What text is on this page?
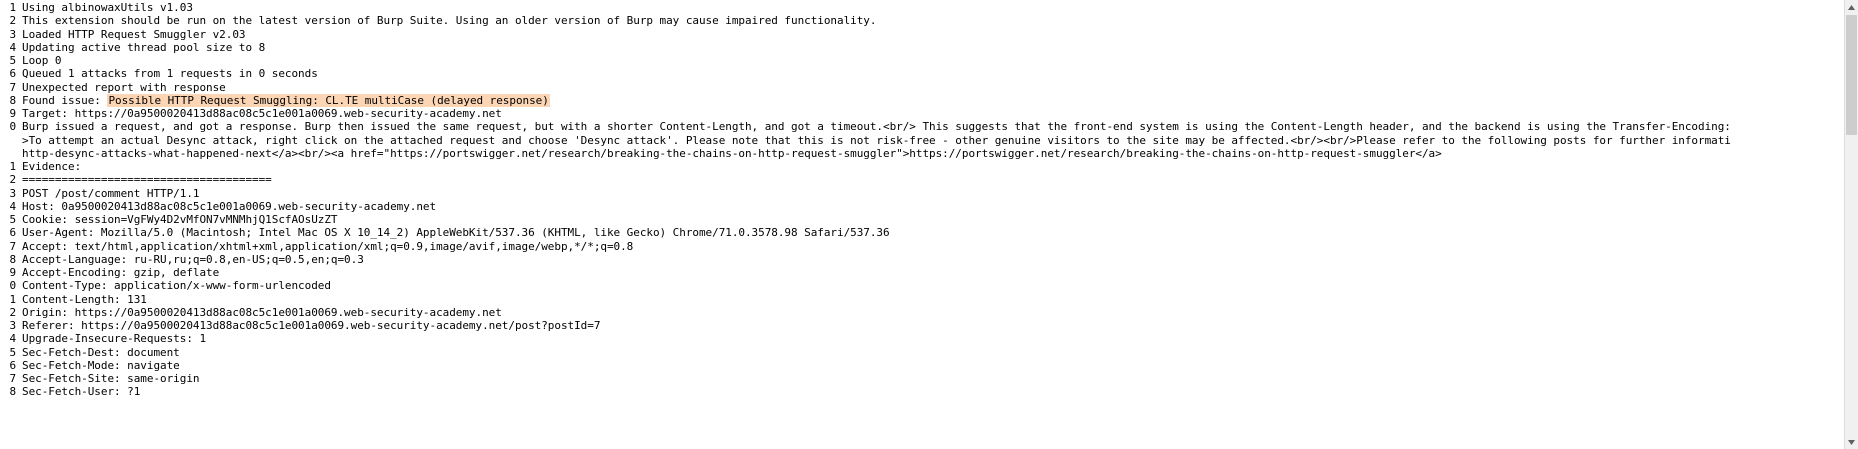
1 Using albinowaxUtils v1.03
2 This extension should be run on the latest version of Burp Suite. Using an older version of Burp may cause impaired functionality.
3 Loaded HTTP Request Smuggler v2.03
4 Updating active thread pool size to 8
5 Loop 0
6 Queued 1 attacks from 1 requests in 0 seconds
7 Unexpected report with response
8 Found issue: Possible HTTP Request Smuggling: CL.TE multiCase (delayed response)
9 Target: https://0a9500020413d88ac08c5c1e001a0069.web-security-academy.net
0 Burp issued a request, and got a response. Burp then issued the same request, but with a shorter Content-Length, and got a timeout.<br/> This suggests that the front-end system is using the Content-Length header, and the backend is using the Transfer-Encoding:
>To attempt an actual Desync attack, right click on the attached request and choose 'Desync attack'. Please note that this is not risk-free - other genuine visitors to the site may be affected.<br/><br/>Please refer to the following posts for further informati
http-desync-attacks-what-happened-next</a><br/><a href="https://portswigger.net/research/breaking-the-chains-on-http-request-smuggler">https://portswigger.net/research/breaking-the-chains-on-http-request-smuggler</a>
1 Evidence:
2 ======================================
3 POST /post/comment HTTP/1.1
4 Host: 0a9500020413d88ac08c5c1e001a0069.web-security-academy.net
5 Cookie: session=VgFWy4D2vMfON7vMNMhjQ1ScfAOsUzZT
6 User-Agent: Mozilla/5.0 (Macintosh; Intel Mac OS X 10_14_2) AppleWebKit/537.36 (KHTML, like Gecko) Chrome/71.0.3578.98 Safari/537.36
7 Accept: text/html,application/xhtml+xml,application/xml;q=0.9,image/avif,image/webp,*/*;q=0.8
8 Accept-Language: ru-RU,ru;q=0.8,en-US;q=0.5,en;q=0.3
9 Accept-Encoding: gzip, deflate
0 Content-Type: application/x-www-form-urlencoded
1 Content-Length: 131
2 Origin: https://0a9500020413d88ac08c5c1e001a0069.web-security-academy.net
3 Referer: https://0a9500020413d88ac08c5c1e001a0069.web-security-academy.net/post?postId=7
4 Upgrade-Insecure-Requests: 1
5 Sec-Fetch-Dest: document
6 Sec-Fetch-Mode: navigate
7 Sec-Fetch-Site: same-origin
8 Sec-Fetch-User: ?1
